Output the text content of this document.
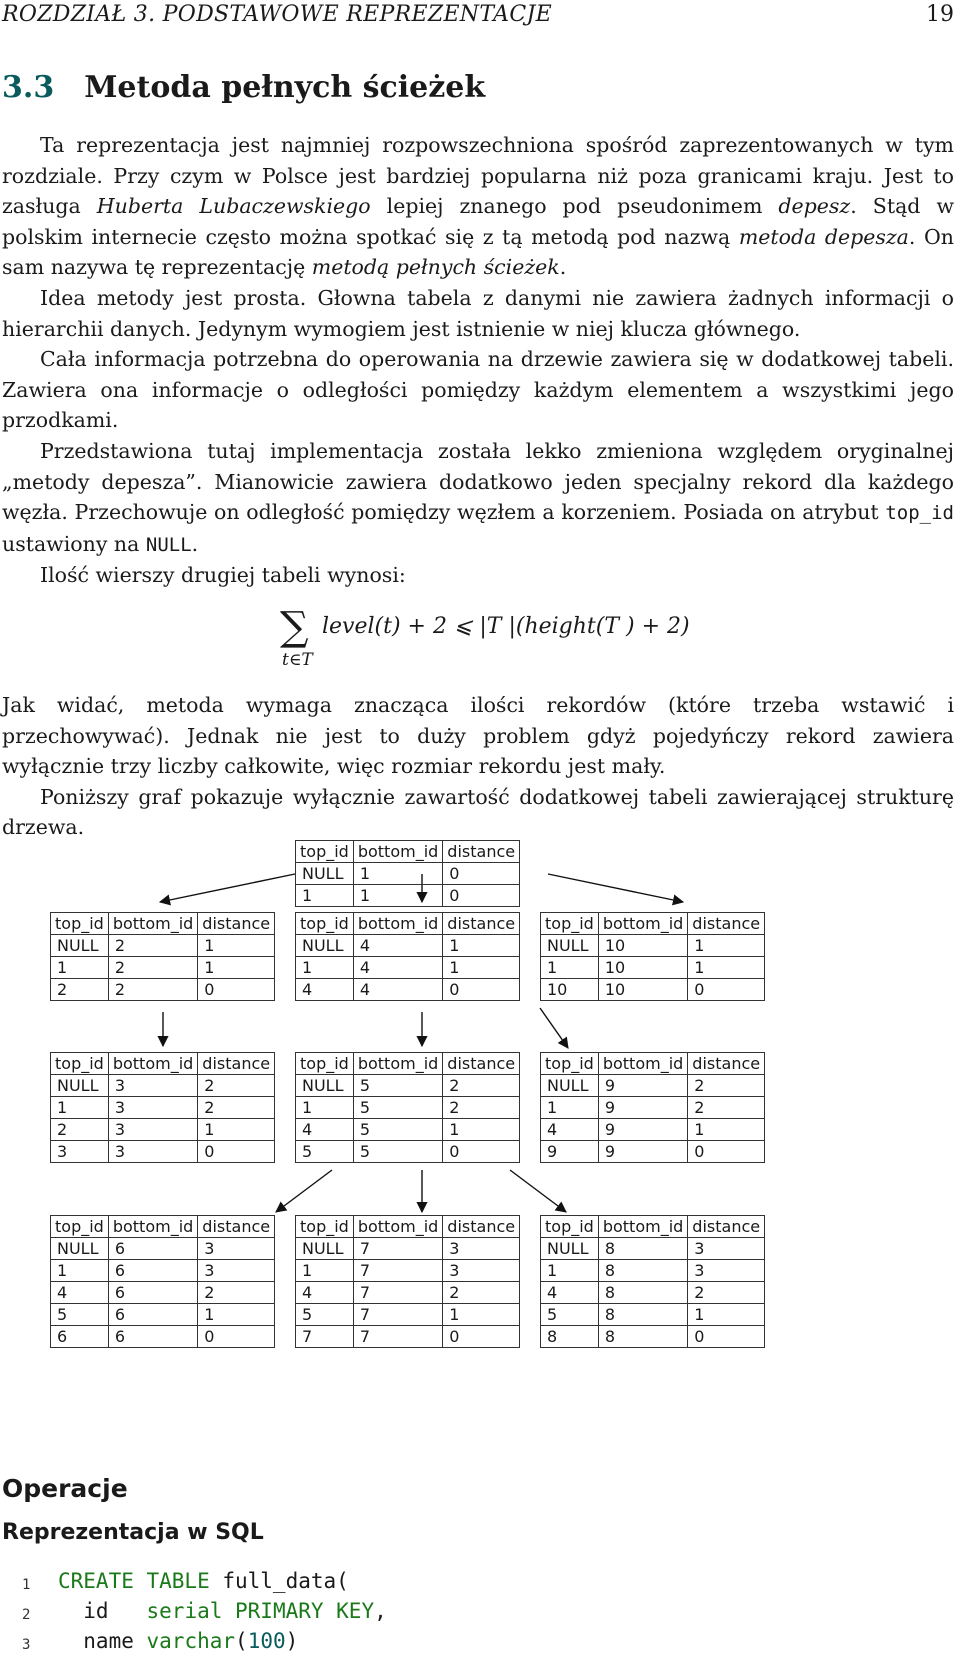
ROZDZIAŁ 3. PODSTAWOWE REPREZENTACJE	19
3.3 Metoda pełnych ścieżek

Ta reprezentacja jest najmniej rozpowszechniona spośród zaprezentowanych w tym rozdziale. Przy czym w Polsce jest bardziej popularna niż poza granicami kraju. Jest to zasługa Huberta Lubaczewskiego lepiej znanego pod pseudonimem depesz. Stąd w polskim internecie często można spotkać się z tą metodą pod nazwą metoda depesza. On sam nazywa tę reprezentację metodą pełnych ścieżek.

Idea metody jest prosta. Głowna tabela z danymi nie zawiera żadnych informacji o hierarchii danych. Jedynym wymogiem jest istnienie w niej klucza głównego.

Cała informacja potrzebna do operowania na drzewie zawiera się w dodatkowej tabeli. Zawiera ona informacje o odległości pomiędzy każdym elementem a wszystkimi jego przodkami.

Przedstawiona tutaj implementacja została lekko zmieniona względem oryginalnej „metody depesza”. Mianowicie zawiera dodatkowo jeden specjalny rekord dla każdego węzła. Przechowuje on odległość pomiędzy węzłem a korzeniem. Posiada on atrybut top_id ustawiony na NULL.

Ilość wierszy drugiej tabeli wynosi:

∑
t∈T
level(t) + 2 ⩽ |T |(height(T ) + 2)

Jak widać, metoda wymaga znacząca ilości rekordów (które trzeba wstawić i przechowywać). Jednak nie jest to duży problem gdyż pojedyńczy rekord zawiera wyłącznie trzy liczby całkowite, więc rozmiar rekordu jest mały.

Poniższy graf pokazuje wyłącznie zawartość dodatkowej tabeli zawierającej strukturę drzewa.

top_id	bottom_id	distance
NULL	1	0
1	1	0
top_id	bottom_id	distance
NULL	2	1
1	2	1
2	2	0
top_id	bottom_id	distance
NULL	4	1
1	4	1
4	4	0
top_id	bottom_id	distance
NULL	10	1
1	10	1
10	10	0
top_id	bottom_id	distance
NULL	3	2
1	3	2
2	3	1
3	3	0
top_id	bottom_id	distance
NULL	5	2
1	5	2
4	5	1
5	5	0
top_id	bottom_id	distance
NULL	9	2
1	9	2
4	9	1
9	9	0
top_id	bottom_id	distance
NULL	6	3
1	6	3
4	6	2
5	6	1
6	6	0
top_id	bottom_id	distance
NULL	7	3
1	7	3
4	7	2
5	7	1
7	7	0
top_id	bottom_id	distance
NULL	8	3
1	8	3
4	8	2
5	8	1
8	8	0
Operacje
Reprezentacja w SQL
1	CREATE TABLE full_data(
2	id   serial PRIMARY KEY,
3	name varchar(100)
